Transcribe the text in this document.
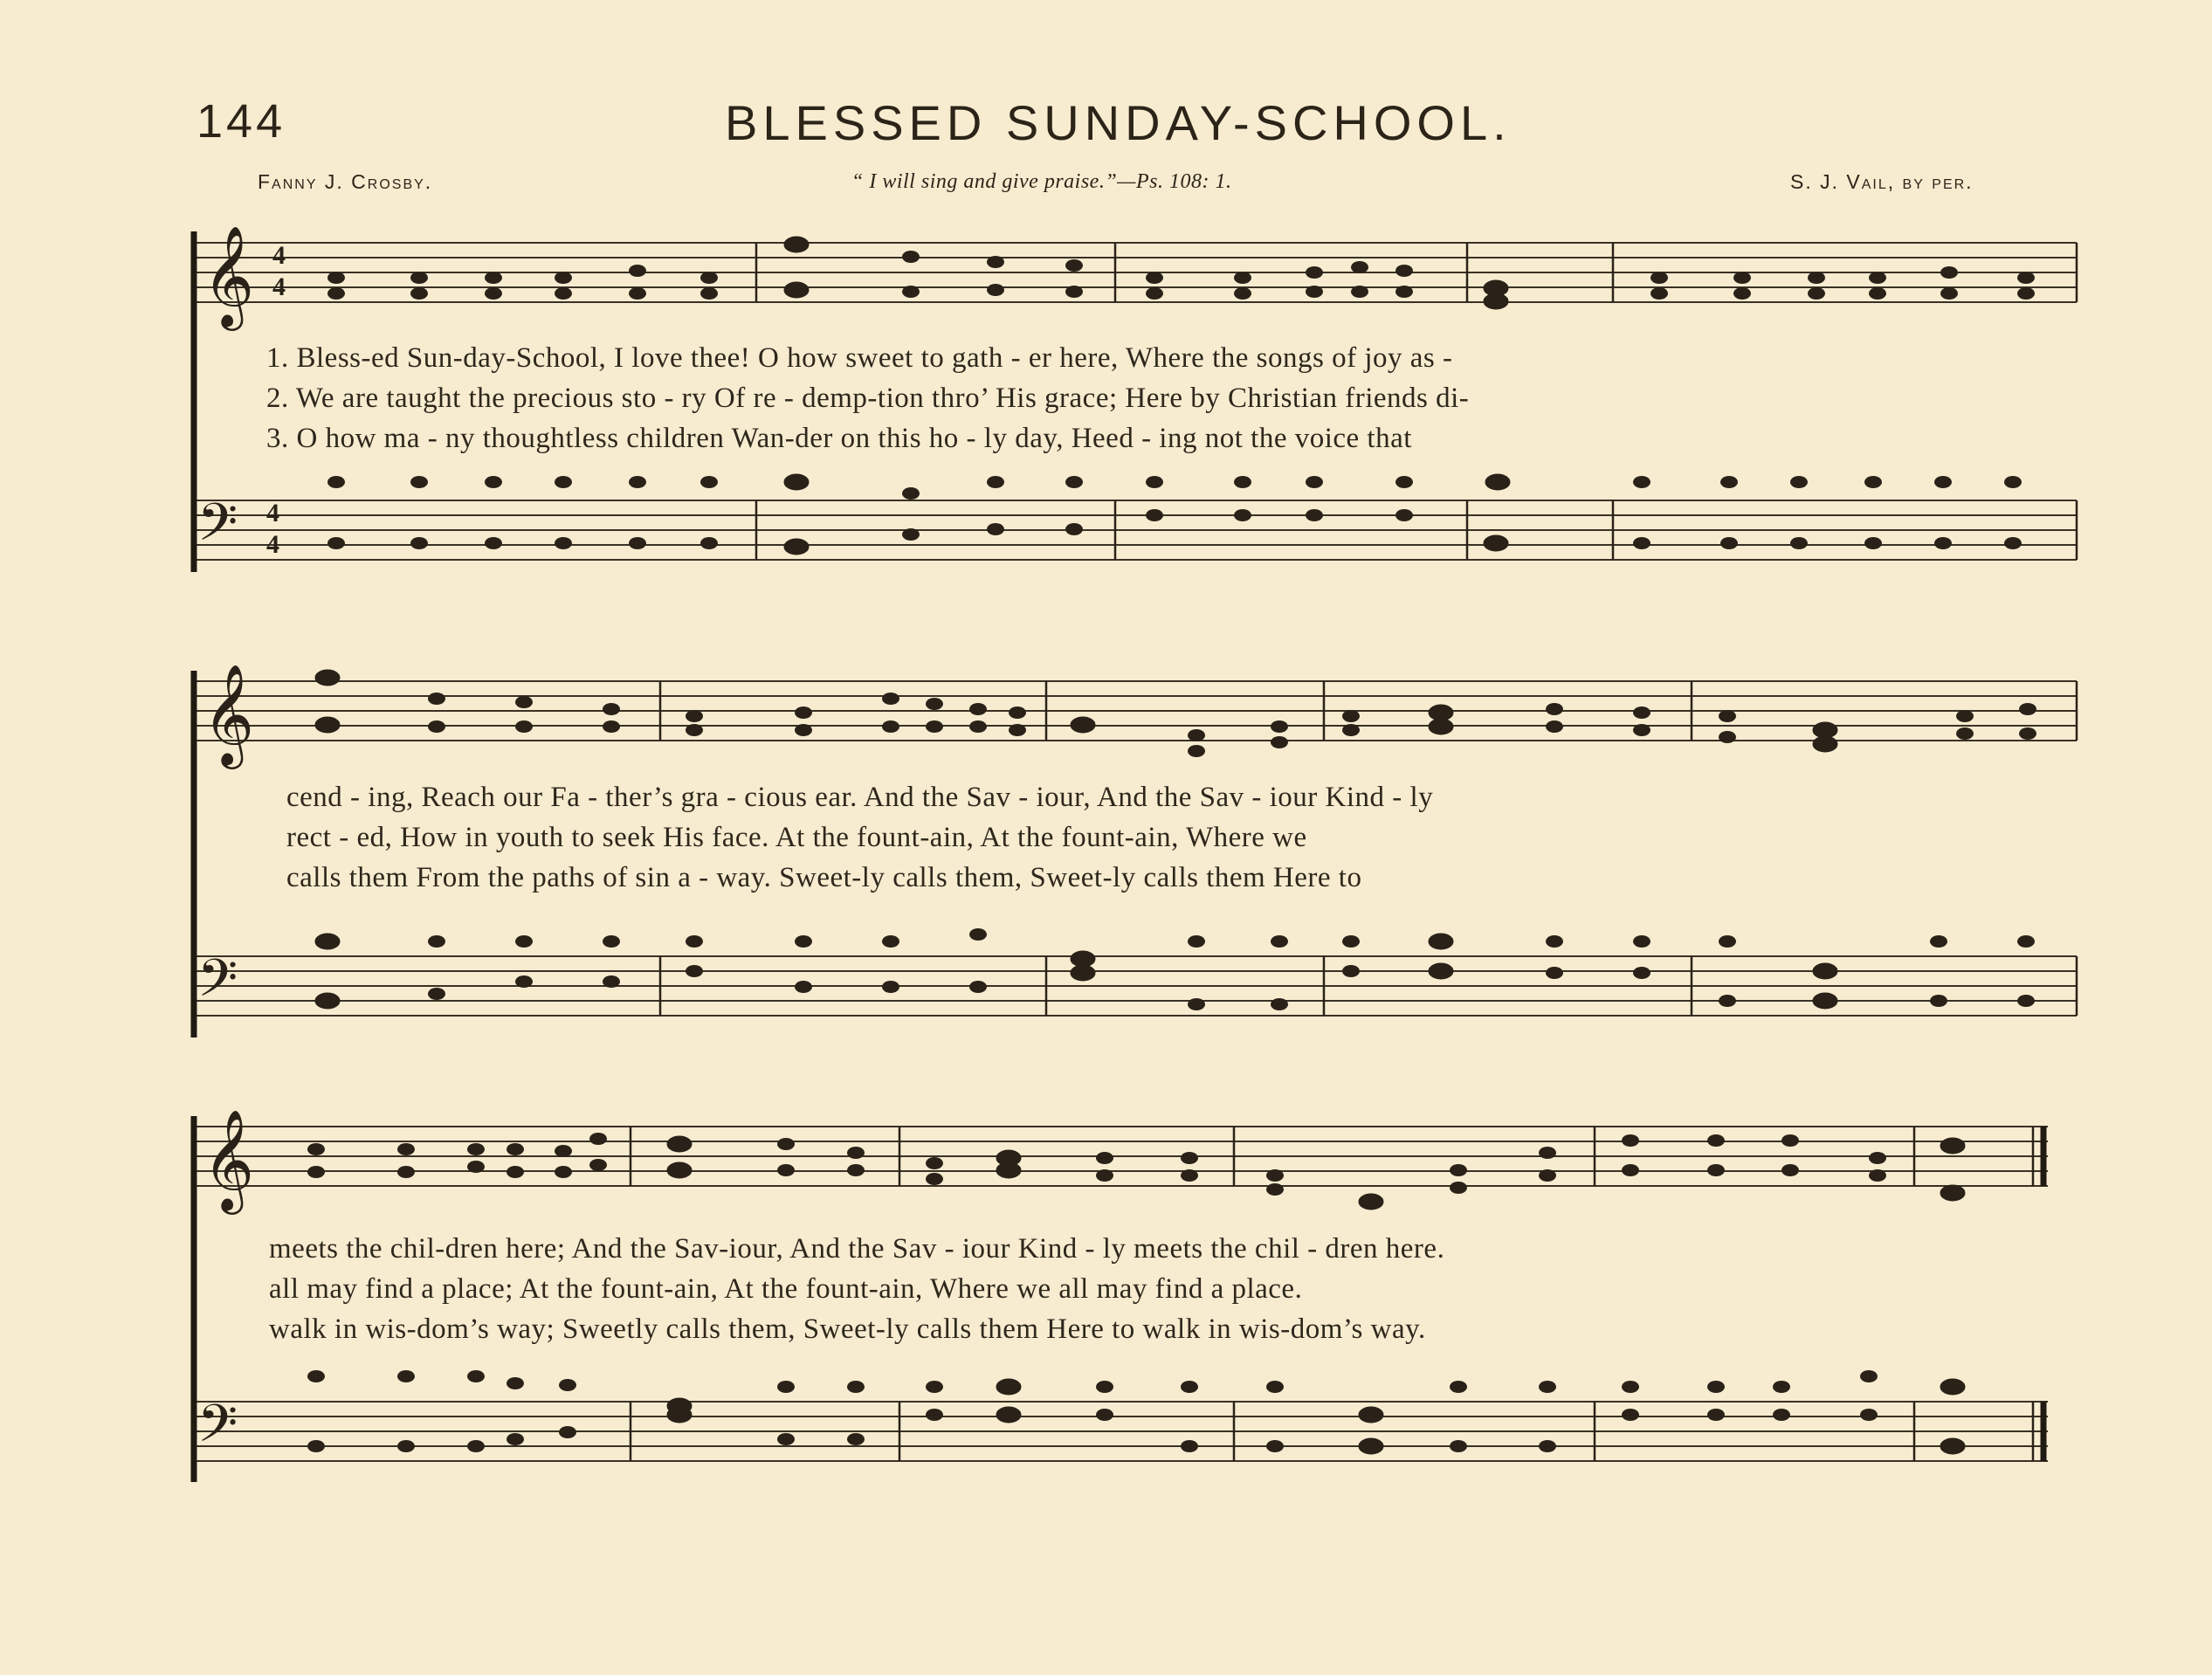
144	BLESSED SUNDAY-SCHOOL.
Fanny J. Crosby.	“ I will sing and give praise.”—Ps. 108: 1.	S. J. Vail, by per.
𝄞 4
4
𝄢 4
4
1. Bless-ed Sun-day-School, I love thee! O how sweet to gath - er here, Where the songs of joy as -
2. We are taught the precious sto - ry Of re - demp-tion thro’ His grace; Here by Christian friends di-
3. O how ma - ny thoughtless children Wan-der on this ho - ly day, Heed - ing not the voice that
𝄞
𝄢
cend - ing, Reach our Fa - ther’s gra - cious ear. And the Sav - iour, And the Sav - iour Kind - ly
rect - ed, How in youth to seek His face. At the fount-ain, At the fount-ain, Where we
calls them From the paths of sin a - way. Sweet-ly calls them, Sweet-ly calls them Here to
𝄞
𝄢
meets the chil-dren here; And the Sav-iour, And the Sav - iour Kind - ly meets the chil - dren here.
all may find a place; At the fount-ain, At the fount-ain, Where we all may find a place.
walk in wis-dom’s way; Sweetly calls them, Sweet-ly calls them Here to walk in wis-dom’s way.
